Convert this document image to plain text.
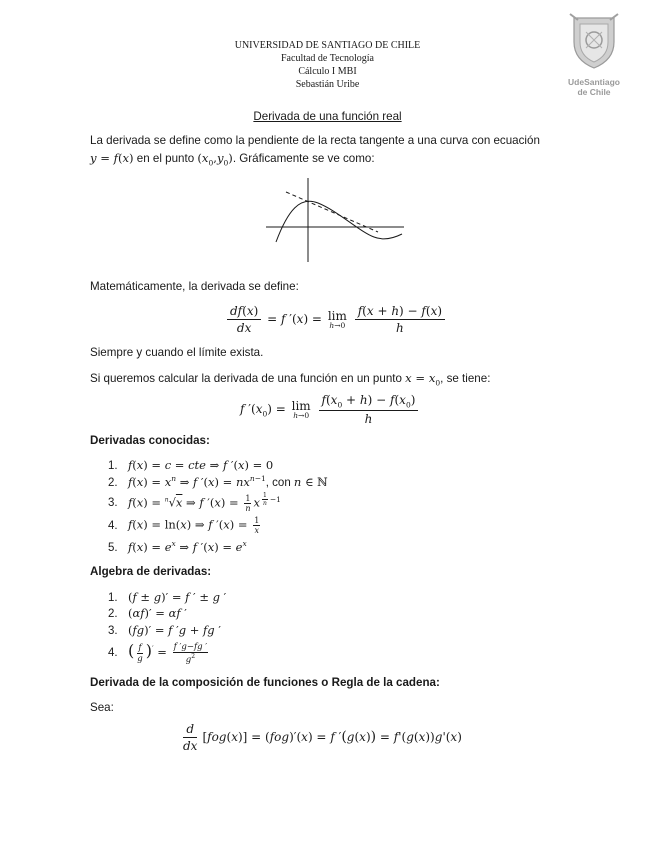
UNIVERSIDAD DE SANTIAGO DE CHILE
Facultad de Tecnología
Cálculo I MBI
Sebastián Uribe	UdeSantiago
de Chile
Derivada de una función real
La derivada se define como la pendiente de la recta tangente a una curva con ecuación
y = f(x) en el punto $(x_0,y_0)$. Gráficamente se ve como:
Matemáticamente, la derivada se define:
$\frac{df(x)}{dx} = f$ ′(x) = lim
h→0
$\frac{f(x + h) - f(x)}{h}$
Siempre y cuando el límite exista.
Si queremos calcular la derivada de una función en un punto $x = x_0$, se tiene:
f $'(x_0) = \lim$
h→0
$\frac{f(x_0 + h) - f(x_0)}{h}$
Derivadas conocidas:
1. f(x) = c = cte ⇒ f ′(x) = 0
2. $f(x) = x^n$ ⇒ f $'(x) = nx^{n-1}$, con n ∈ ℕ
3. f(x) = $^n$√x ⇒ f $'(x) = \frac{1}{n}$ x $^{\frac{1}{n} -1}$
4. f(x) = ln(x) ⇒ f $'(x) = \frac{1}{x}$
5. $f(x) = e^x$ ⇒ f $'(x) = e^x$
Algebra de derivadas:
1. (f ± g)′ = f ′ ± g ′
2. (αf)′ = αf ′
3. (fg)′ = f ′g + fg ′
4. ( $\frac{f}{g} )' = \frac{f 'g-fg '}{g^2}$
Derivada de la composición de funciones o Regla de la cadena:
Sea:
$\frac{d}{dx} [fog(x)] = (fog)'(x) = f$ ′(g(x)) = f'(g(x))g'(x)
